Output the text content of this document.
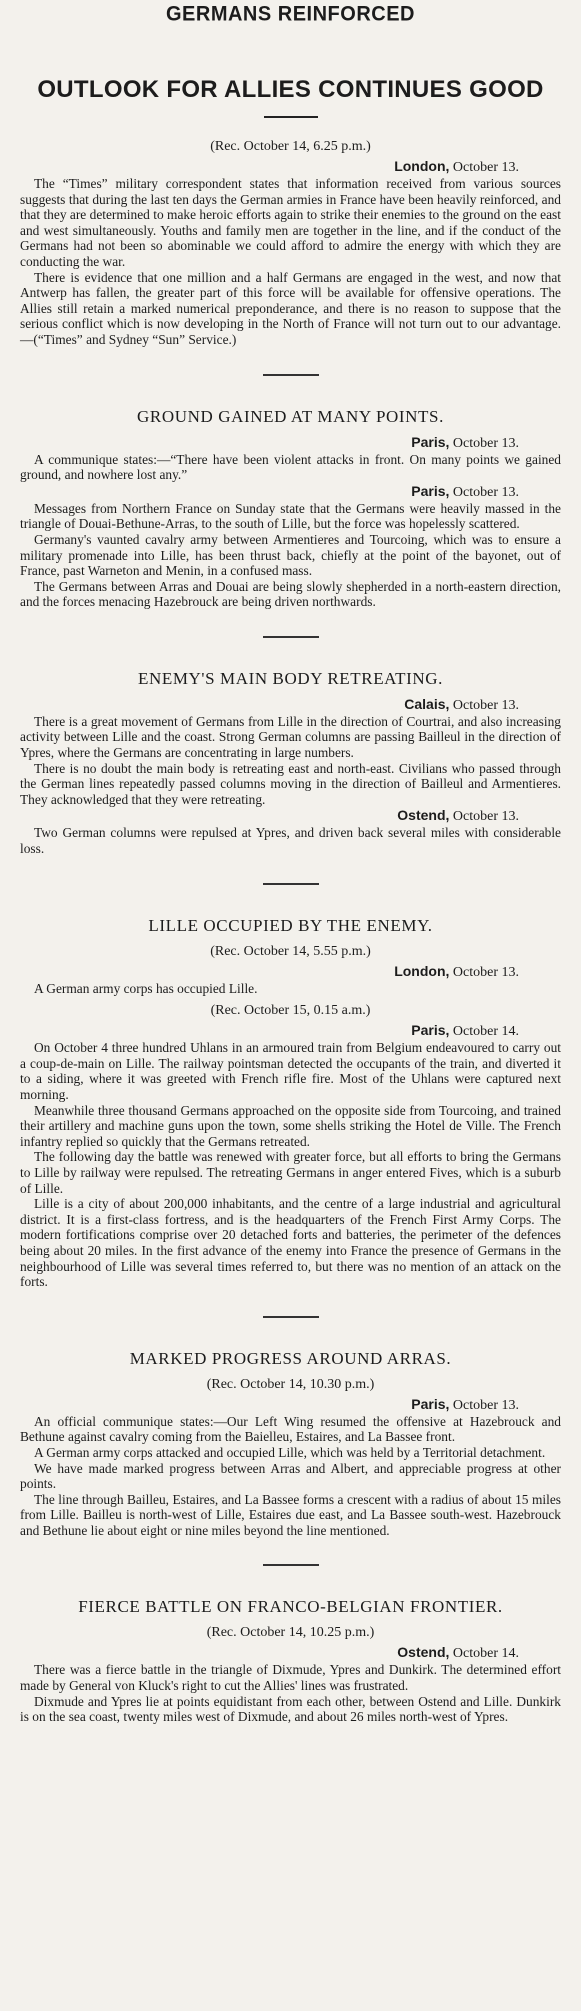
GERMANS REINFORCED
OUTLOOK FOR ALLIES CONTINUES GOOD
(Rec. October 14, 6.25 p.m.)
London, October 13.

The “Times” military correspondent states that information received from various sources suggests that during the last ten days the German armies in France have been heavily reinforced, and that they are determined to make heroic efforts again to strike their enemies to the ground on the east and west simultaneously. Youths and family men are together in the line, and if the conduct of the Germans had not been so abominable we could afford to admire the energy with which they are conducting the war.

There is evidence that one million and a half Germans are engaged in the west, and now that Antwerp has fallen, the greater part of this force will be available for offensive operations. The Allies still retain a marked numerical preponderance, and there is no reason to suppose that the serious conflict which is now developing in the North of France will not turn out to our advantage. —(“Times” and Sydney “Sun” Service.)

GROUND GAINED AT MANY POINTS.
Paris, October 13.

A communique states:—“There have been violent attacks in front. On many points we gained ground, and nowhere lost any.”

Paris, October 13.

Messages from Northern France on Sunday state that the Germans were heavily massed in the triangle of Douai-Bethune-Arras, to the south of Lille, but the force was hopelessly scattered.

Germany's vaunted cavalry army between Armentieres and Tourcoing, which was to ensure a military promenade into Lille, has been thrust back, chiefly at the point of the bayonet, out of France, past Warneton and Menin, in a confused mass.

The Germans between Arras and Douai are being slowly shepherded in a north-eastern direction, and the forces menacing Hazebrouck are being driven northwards.

ENEMY'S MAIN BODY RETREATING.
Calais, October 13.

There is a great movement of Germans from Lille in the direction of Courtrai, and also increasing activity between Lille and the coast. Strong German columns are passing Bailleul in the direction of Ypres, where the Germans are concentrating in large numbers.

There is no doubt the main body is retreating east and north-east. Civilians who passed through the German lines repeatedly passed columns moving in the direction of Bailleul and Armentieres. They acknowledged that they were retreating.

Ostend, October 13.

Two German columns were repulsed at Ypres, and driven back several miles with considerable loss.

LILLE OCCUPIED BY THE ENEMY.
(Rec. October 14, 5.55 p.m.)
London, October 13.

A German army corps has occupied Lille.

(Rec. October 15, 0.15 a.m.)
Paris, October 14.

On October 4 three hundred Uhlans in an armoured train from Belgium endeavoured to carry out a coup-de-main on Lille. The railway pointsman detected the occupants of the train, and diverted it to a siding, where it was greeted with French rifle fire. Most of the Uhlans were captured next morning.

Meanwhile three thousand Germans approached on the opposite side from Tourcoing, and trained their artillery and machine guns upon the town, some shells striking the Hotel de Ville. The French infantry replied so quickly that the Germans retreated.

The following day the battle was renewed with greater force, but all efforts to bring the Germans to Lille by railway were repulsed. The retreating Germans in anger entered Fives, which is a suburb of Lille.

Lille is a city of about 200,000 inhabitants, and the centre of a large industrial and agricultural district. It is a first-class fortress, and is the headquarters of the French First Army Corps. The modern fortifications comprise over 20 detached forts and batteries, the perimeter of the defences being about 20 miles. In the first advance of the enemy into France the presence of Germans in the neighbourhood of Lille was several times referred to, but there was no mention of an attack on the forts.

MARKED PROGRESS AROUND ARRAS.
(Rec. October 14, 10.30 p.m.)
Paris, October 13.

An official communique states:—Our Left Wing resumed the offensive at Hazebrouck and Bethune against cavalry coming from the Baielleu, Estaires, and La Bassee front.

A German army corps attacked and occupied Lille, which was held by a Territorial detachment.

We have made marked progress between Arras and Albert, and appreciable progress at other points.

The line through Bailleu, Estaires, and La Bassee forms a crescent with a radius of about 15 miles from Lille. Bailleu is north-west of Lille, Estaires due east, and La Bassee south-west. Hazebrouck and Bethune lie about eight or nine miles beyond the line mentioned.

FIERCE BATTLE ON FRANCO-BELGIAN FRONTIER.
(Rec. October 14, 10.25 p.m.)
Ostend, October 14.

There was a fierce battle in the triangle of Dixmude, Ypres and Dunkirk. The determined effort made by General von Kluck's right to cut the Allies' lines was frustrated.

Dixmude and Ypres lie at points equidistant from each other, between Ostend and Lille. Dunkirk is on the sea coast, twenty miles west of Dixmude, and about 26 miles north-west of Ypres.
